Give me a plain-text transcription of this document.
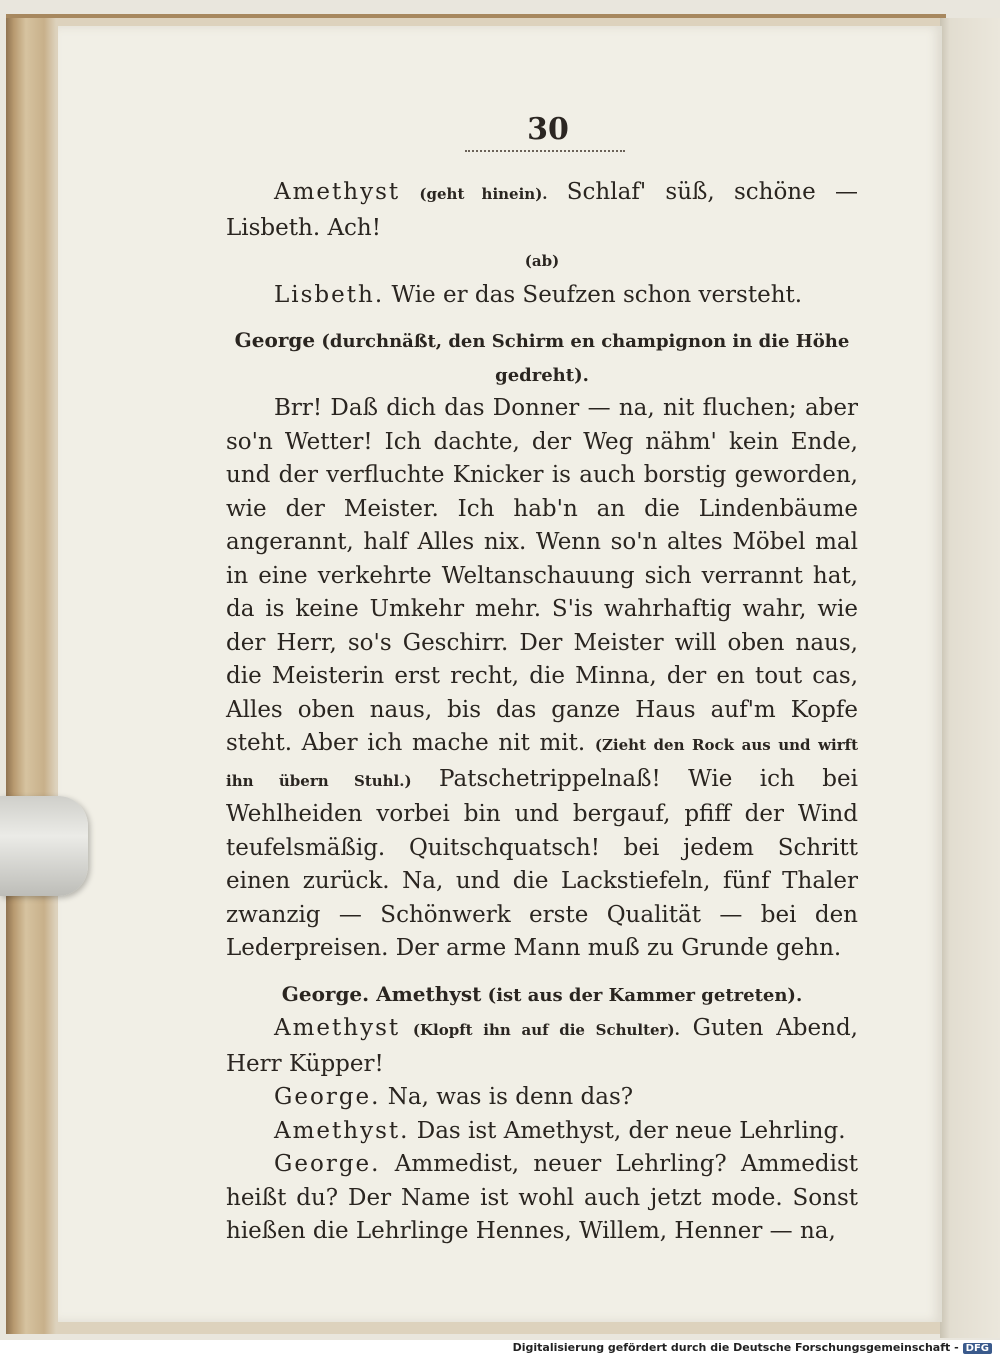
30

Amethyst (geht hinein). Schlaf' süß, schöne — Lisbeth. Ach!

(ab)

Lisbeth. Wie er das Seufzen schon versteht.

George (durchnäßt, den Schirm en champignon in die Höhe gedreht).

Brr! Daß dich das Donner — na, nit fluchen; aber so'n Wetter! Ich dachte, der Weg nähm' kein Ende, und der verfluchte Knicker is auch borstig geworden, wie der Meister. Ich hab'n an die Lindenbäume angerannt, half Alles nix. Wenn so'n altes Möbel mal in eine verkehrte Weltanschauung sich verrannt hat, da is keine Umkehr mehr. S'is wahrhaftig wahr, wie der Herr, so's Geschirr. Der Meister will oben naus, die Meisterin erst recht, die Minna, der en tout cas, Alles oben naus, bis das ganze Haus auf'm Kopfe steht. Aber ich mache nit mit. (Zieht den Rock aus und wirft ihn übern Stuhl.) Patschetrippelnaß! Wie ich bei Wehlheiden vorbei bin und bergauf, pfiff der Wind teufelsmäßig. Quitschquatsch! bei jedem Schritt einen zurück. Na, und die Lackstiefeln, fünf Thaler zwanzig — Schönwerk erste Qualität — bei den Lederpreisen. Der arme Mann muß zu Grunde gehn.

George. Amethyst (ist aus der Kammer getreten).

Amethyst (Klopft ihn auf die Schulter). Guten Abend, Herr Küpper!

George. Na, was is denn das?

Amethyst. Das ist Amethyst, der neue Lehrling.

George. Ammedist, neuer Lehrling? Ammedist heißt du? Der Name ist wohl auch jetzt mode. Sonst hießen die Lehrlinge Hennes, Willem, Henner — na,

Digitalisierung gefördert durch die Deutsche Forschungsgemeinschaft - DFG
